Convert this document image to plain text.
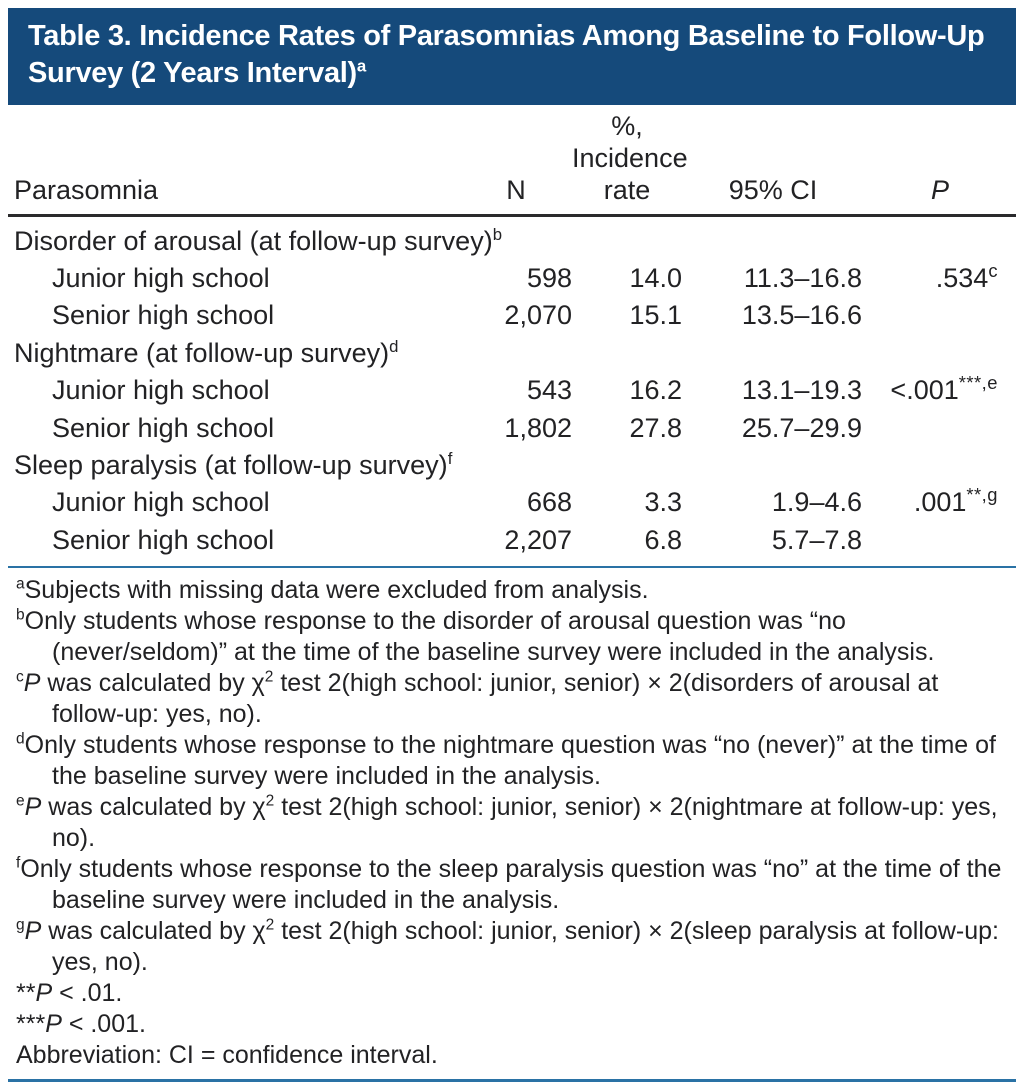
Table 3. Incidence Rates of Parasomnias Among Baseline to Follow-Up
Survey (2 Years Interval)$^a$
Parasomnia	N	%,
Incidence
rate	95% CI	P
Disorder of arousal (at follow-up survey)$^b$
Junior high school	598	14.0	11.3–16.8	.534$^c$
Senior high school	2,070	15.1	13.5–16.6	
Nightmare (at follow-up survey)$^d$
Junior high school	543	16.2	13.1–19.3	$<.001^{***,e}$
Senior high school	1,802	27.8	25.7–29.9	
Sleep paralysis (at follow-up survey)$^f$
Junior high school	668	3.3	1.9–4.6	$.001^{**,g}$
Senior high school	2,207	6.8	5.7–7.8	
$^a$Subjects with missing data were excluded from analysis.
$^b$Only students whose response to the disorder of arousal question was “no (never/seldom)” at the time of the baseline survey were included in the analysis.
$^c$P was calculated by $\chi^2$ test 2(high school: junior, senior) × 2(disorders of arousal at follow-up: yes, no).
$^d$Only students whose response to the nightmare question was “no (never)” at the time of the baseline survey were included in the analysis.
$^e$P was calculated by $\chi^2$ test 2(high school: junior, senior) × 2(nightmare at follow-up: yes, no).
$^f$Only students whose response to the sleep paralysis question was “no” at the time of the baseline survey were included in the analysis.
$^g$P was calculated by $\chi^2$ test 2(high school: junior, senior) × 2(sleep paralysis at follow-up: yes, no).
**P < .01.
***P < .001.
Abbreviation: CI = confidence interval.
